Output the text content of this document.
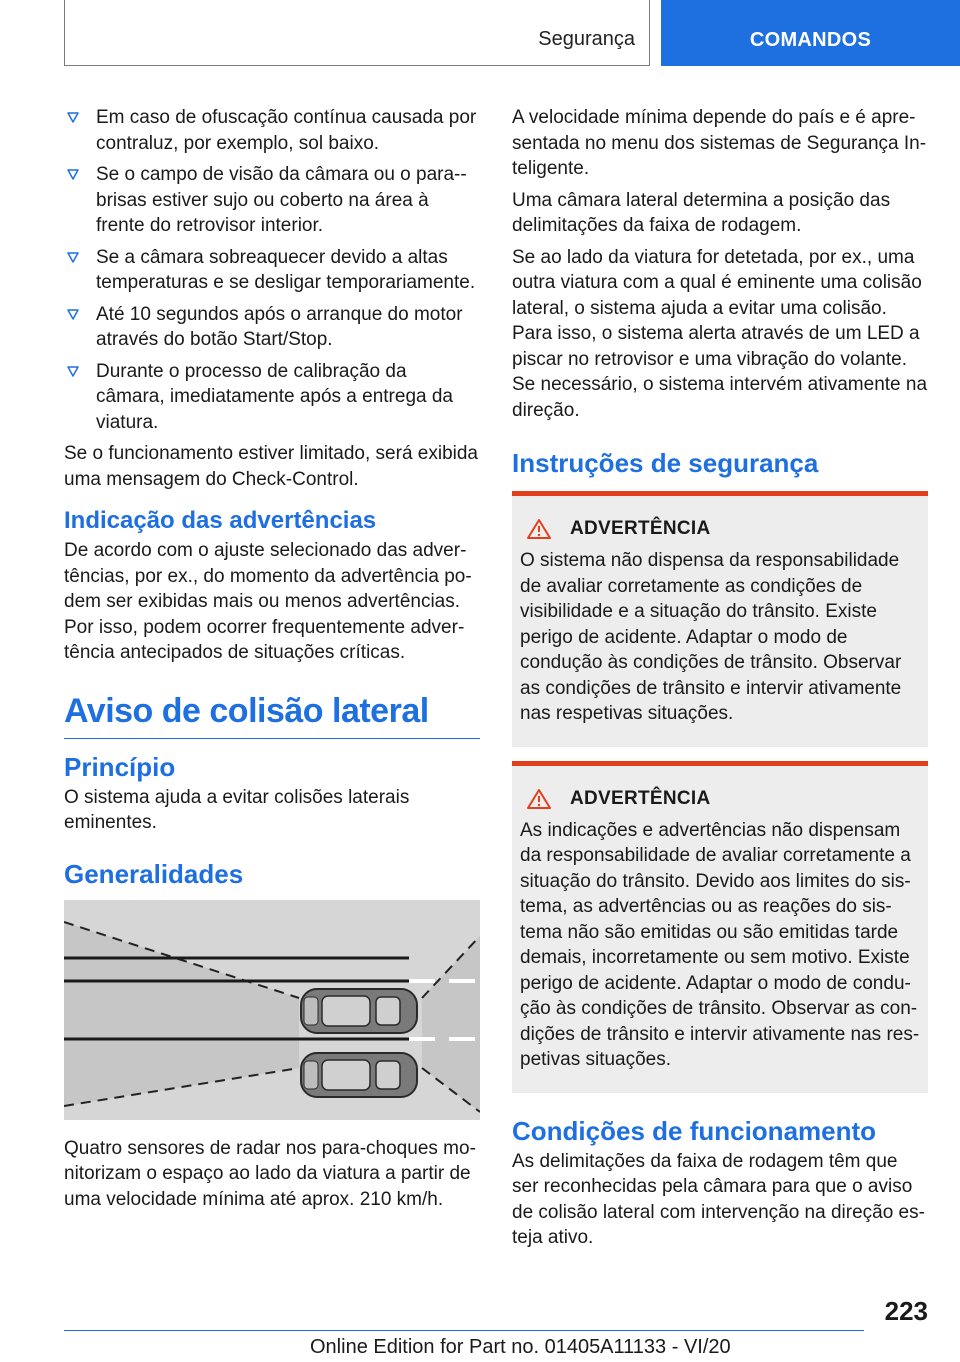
Segurança	COMANDOS
Em caso de ofuscação contínua causada por contraluz, por exemplo, sol baixo.
Se o campo de visão da câmara ou o para--brisas estiver sujo ou coberto na área à frente do retrovisor interior.
Se a câmara sobreaquecer devido a altas temperaturas e se desligar temporariamente.
Até 10 segundos após o arranque do motor através do botão Start/Stop.
Durante o processo de calibração da câmara, imediatamente após a entrega da viatura.

Se o funcionamento estiver limitado, será exibida uma mensagem do Check-Control.

Indicação das advertências

De acordo com o ajuste selecionado das advertências, por ex., do momento da advertência podem ser exibidas mais ou menos advertências. Por isso, podem ocorrer frequentemente advertência antecipados de situações críticas.

Aviso de colisão lateral
Princípio

O sistema ajuda a evitar colisões laterais eminentes.

Generalidades

Quatro sensores de radar nos para-choques monitorizam o espaço ao lado da viatura a partir de uma velocidade mínima até aprox. 210 km/h.

A velocidade mínima depende do país e é apresentada no menu dos sistemas de Segurança Inteligente.

Uma câmara lateral determina a posição das delimitações da faixa de rodagem.

Se ao lado da viatura for detetada, por ex., uma outra viatura com a qual é eminente uma colisão lateral, o sistema ajuda a evitar uma colisão. Para isso, o sistema alerta através de um LED a piscar no retrovisor e uma vibração do volante. Se necessário, o sistema intervém ativamente na direção.

Instruções de segurança
ADVERTÊNCIA

O sistema não dispensa da responsabilidade de avaliar corretamente as condições de visibilidade e a situação do trânsito. Existe perigo de acidente. Adaptar o modo de condução às condições de trânsito. Observar as condições de trânsito e intervir ativamente nas respetivas situações.

ADVERTÊNCIA

As indicações e advertências não dispensam da responsabilidade de avaliar corretamente a situação do trânsito. Devido aos limites do sistema, as advertências ou as reações do sistema não são emitidas ou são emitidas tarde demais, incorretamente ou sem motivo. Existe perigo de acidente. Adaptar o modo de condução às condições de trânsito. Observar as condições de trânsito e intervir ativamente nas respetivas situações.

Condições de funcionamento

As delimitações da faixa de rodagem têm que ser reconhecidas pela câmara para que o aviso de colisão lateral com intervenção na direção esteja ativo.

223
Online Edition for Part no. 01405A11133 - VI/20
